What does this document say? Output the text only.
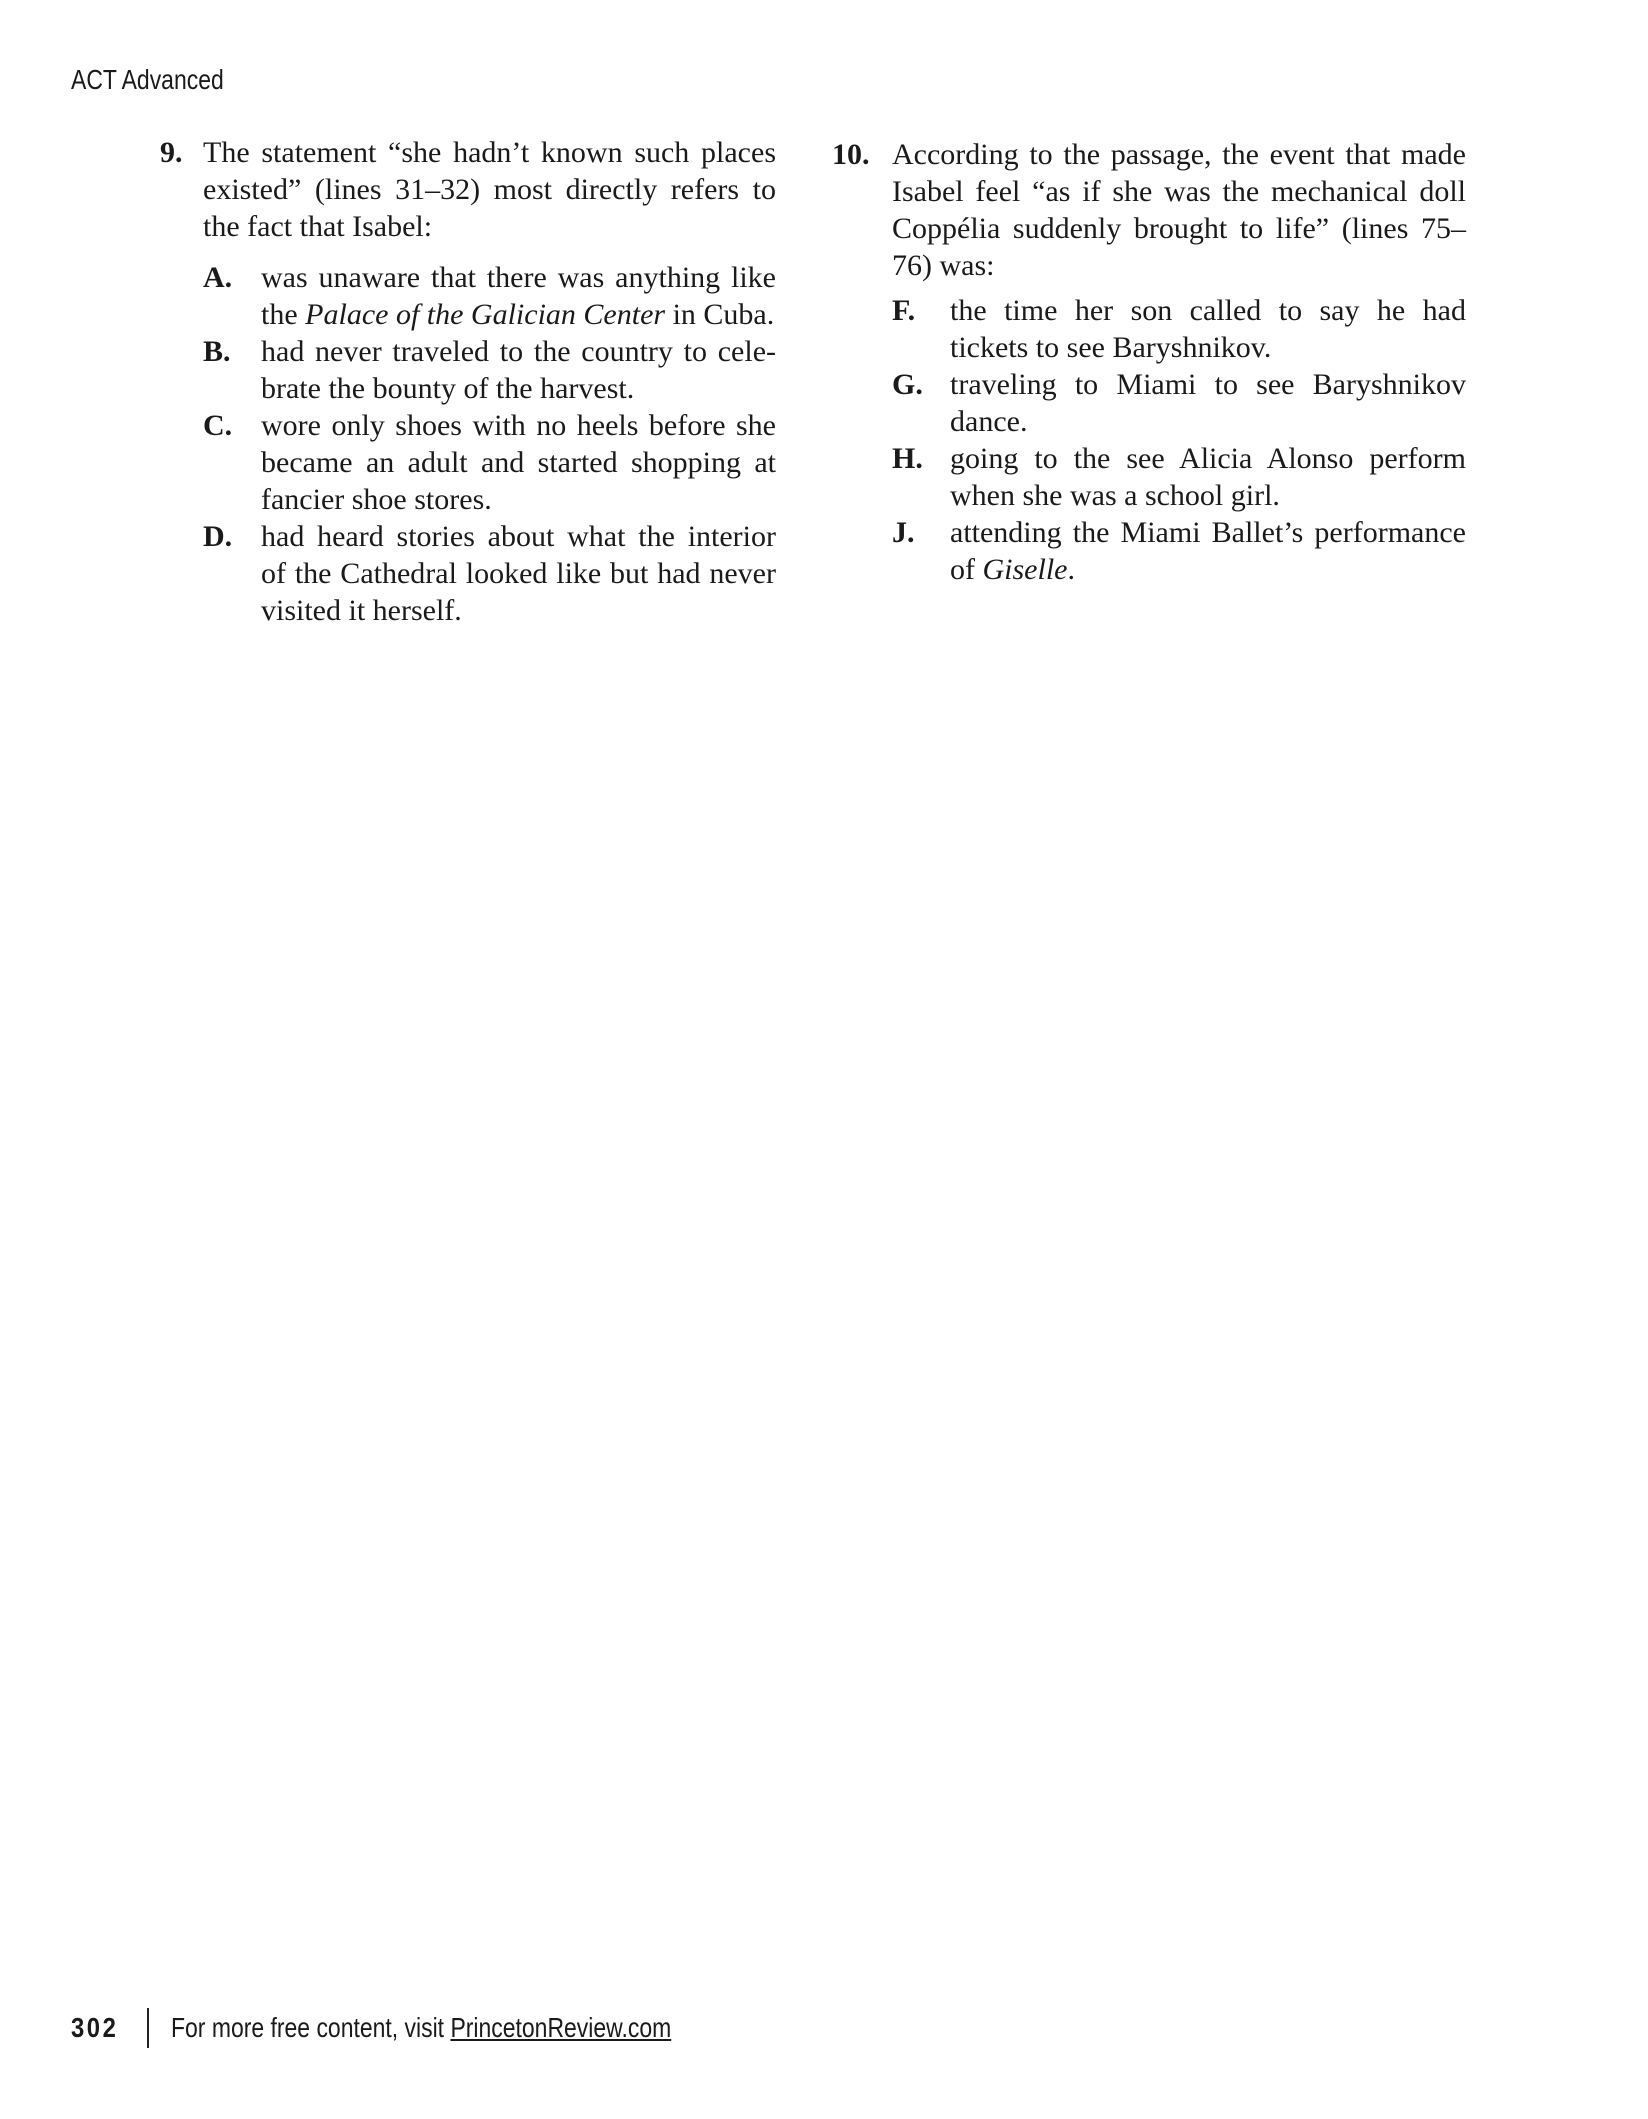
ACT Advanced
9. The statement “she hadn’t known such places existed” (lines 31–32) most directly refers to the fact that Isabel:
A. was unaware that there was anything like the Palace of the Galician Center in Cuba.
B.	had never traveled to the country to cele-brate the bounty of the harvest.
C. wore only shoes with no heels before she became an adult and started shopping at fancier shoe stores.
D. had heard stories about what the interior of the Cathedral looked like but had never visited it herself.
10. According to the passage, the event that made Isabel feel “as if she was the mechanical doll Coppélia suddenly brought to life” (lines 75–76) was:
F.	the time her son called to say he had tickets to see Baryshnikov.
G. traveling to Miami to see Baryshnikov dance.
H. going to the see Alicia Alonso perform when she was a school girl.
J.	attending the Miami Ballet’s performance of Giselle.
302 For more free content, visit PrincetonReview.com
